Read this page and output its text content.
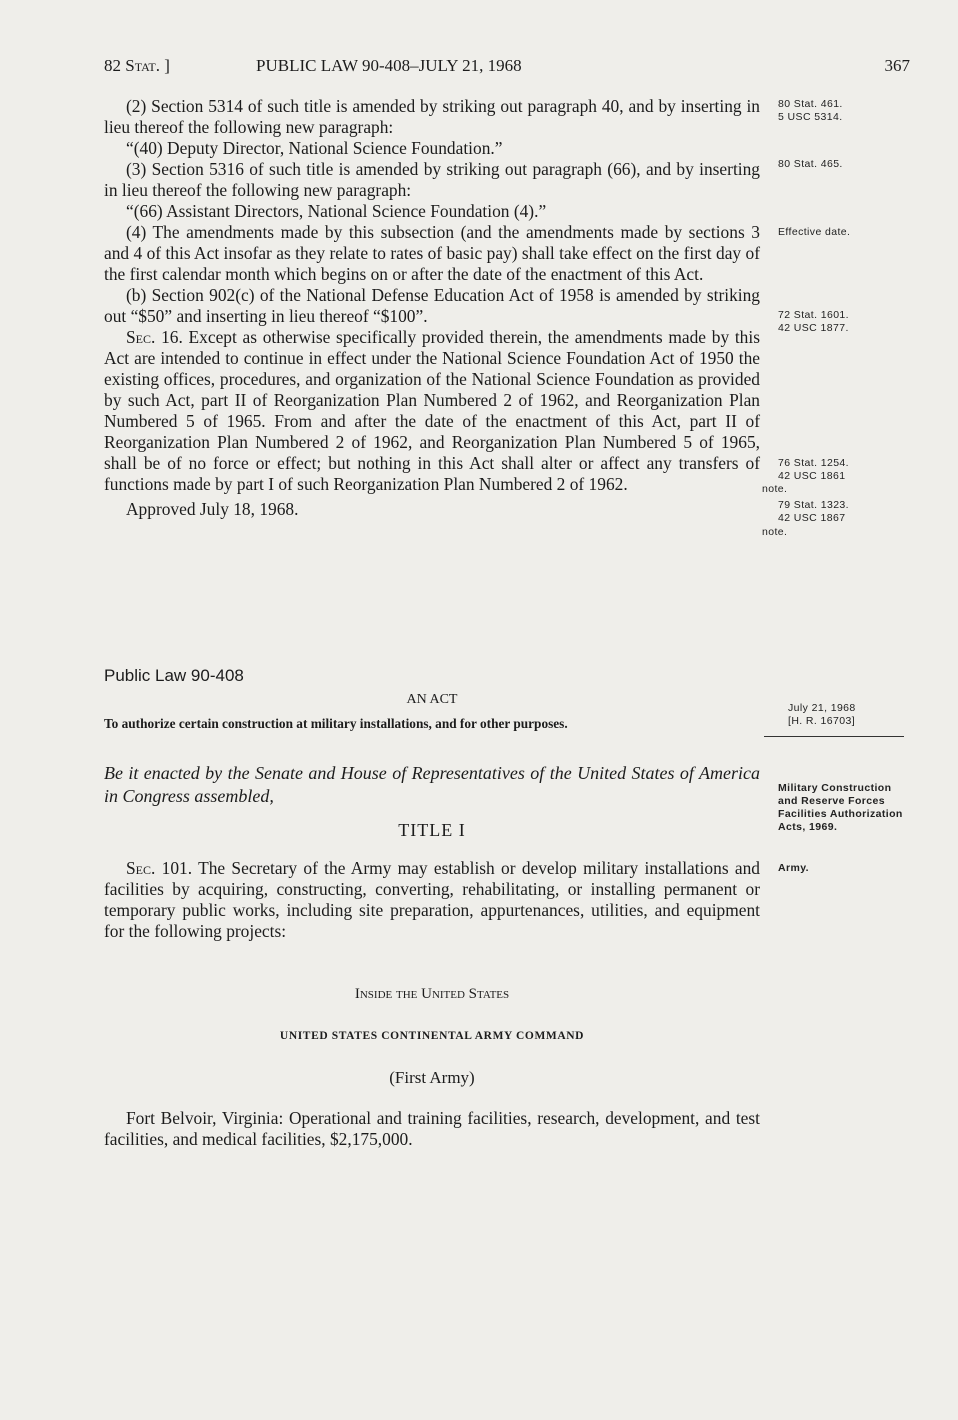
82 Stat. ]	PUBLIC LAW 90-408–JULY 21, 1968	367

(2) Section 5314 of such title is amended by striking out paragraph 40, and by inserting in lieu thereof the following new paragraph:

“(40) Deputy Director, National Science Foundation.”

(3) Section 5316 of such title is amended by striking out paragraph (66), and by inserting in lieu thereof the following new paragraph:

“(66) Assistant Directors, National Science Foundation (4).”

(4) The amendments made by this subsection (and the amendments made by sections 3 and 4 of this Act insofar as they relate to rates of basic pay) shall take effect on the first day of the first calendar month which begins on or after the date of the enactment of this Act.

(b) Section 902(c) of the National Defense Education Act of 1958 is amended by striking out “$50” and inserting in lieu thereof “$100”.

Sec. 16. Except as otherwise specifically provided therein, the amendments made by this Act are intended to continue in effect under the National Science Foundation Act of 1950 the existing offices, procedures, and organization of the National Science Foundation as provided by such Act, part II of Reorganization Plan Numbered 2 of 1962, and Reorganization Plan Numbered 5 of 1965. From and after the date of the enactment of this Act, part II of Reorganization Plan Numbered 2 of 1962, and Reorganization Plan Numbered 5 of 1965, shall be of no force or effect; but nothing in this Act shall alter or affect any transfers of functions made by part I of such Reorganization Plan Numbered 2 of 1962.

Approved July 18, 1968.

Public Law 90-408
AN ACT
To authorize certain construction at military installations, and for other purposes.

Be it enacted by the Senate and House of Representatives of the United States of America in Congress assembled,

TITLE I

Sec. 101. The Secretary of the Army may establish or develop military installations and facilities by acquiring, constructing, converting, rehabilitating, or installing permanent or temporary public works, including site preparation, appurtenances, utilities, and equipment for the following projects:

Inside the United States
UNITED STATES CONTINENTAL ARMY COMMAND
(First Army)

Fort Belvoir, Virginia: Operational and training facilities, research, development, and test facilities, and medical facilities, $2,175,000.

80 Stat. 461.
5 USC 5314.
80 Stat. 465.
Effective date.
72 Stat. 1601.
42 USC 1877.
76 Stat. 1254.
42 USC 1861
note.
79 Stat. 1323.
42 USC 1867
note.
July 21, 1968
[H. R. 16703]
Military Construction and Reserve Forces Facilities Authorization Acts, 1969.
Army.
